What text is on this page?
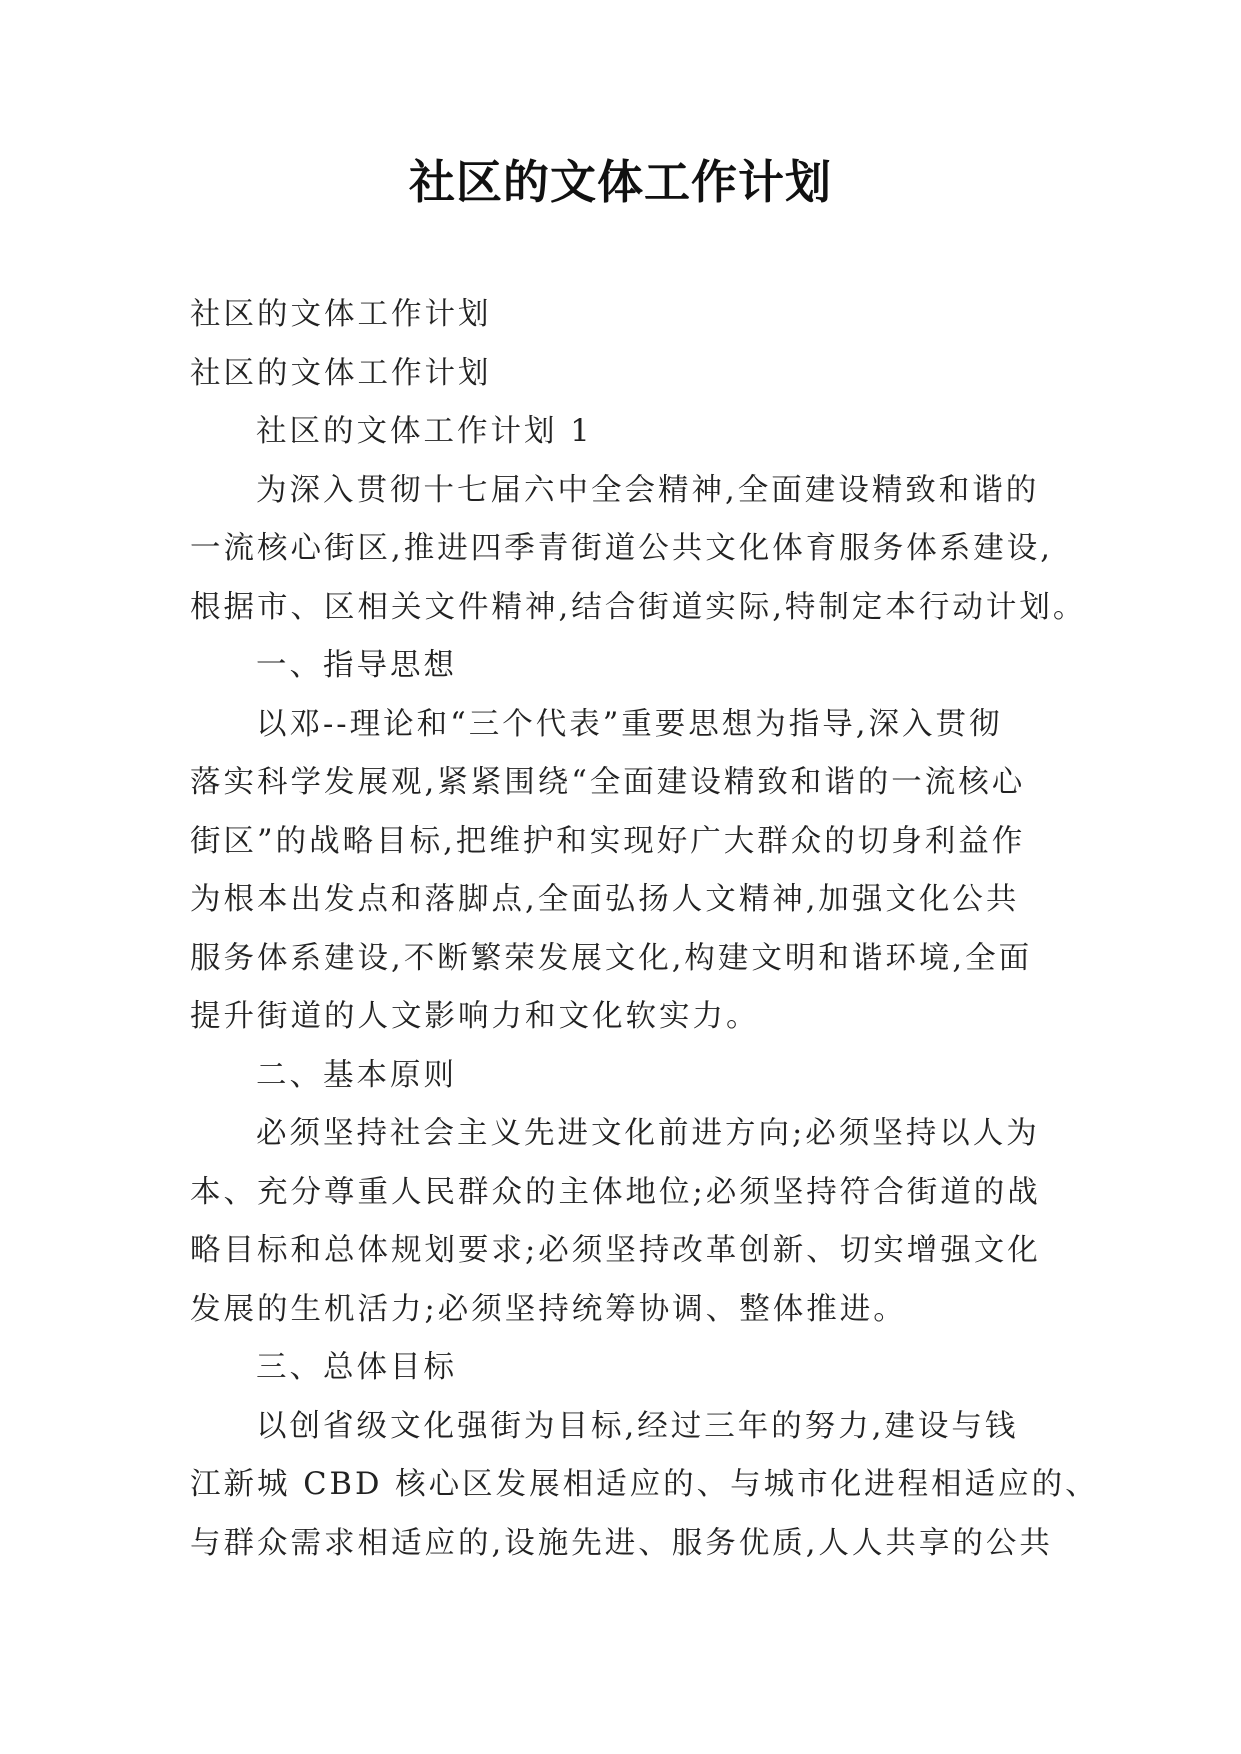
社区的文体工作计划

社区的文体工作计划

社区的文体工作计划

社区的文体工作计划 1

为深入贯彻十七届六中全会精神,全面建设精致和谐的

一流核心街区,推进四季青街道公共文化体育服务体系建设,

根据市、区相关文件精神,结合街道实际,特制定本行动计划。

一、指导思想

以邓--理论和“三个代表”重要思想为指导,深入贯彻

落实科学发展观,紧紧围绕“全面建设精致和谐的一流核心

街区”的战略目标,把维护和实现好广大群众的切身利益作

为根本出发点和落脚点,全面弘扬人文精神,加强文化公共

服务体系建设,不断繁荣发展文化,构建文明和谐环境,全面

提升街道的人文影响力和文化软实力。

二、基本原则

必须坚持社会主义先进文化前进方向;必须坚持以人为

本、充分尊重人民群众的主体地位;必须坚持符合街道的战

略目标和总体规划要求;必须坚持改革创新、切实增强文化

发展的生机活力;必须坚持统筹协调、整体推进。

三、总体目标

以创省级文化强街为目标,经过三年的努力,建设与钱

江新城 CBD 核心区发展相适应的、与城市化进程相适应的、

与群众需求相适应的,设施先进、服务优质,人人共享的公共
